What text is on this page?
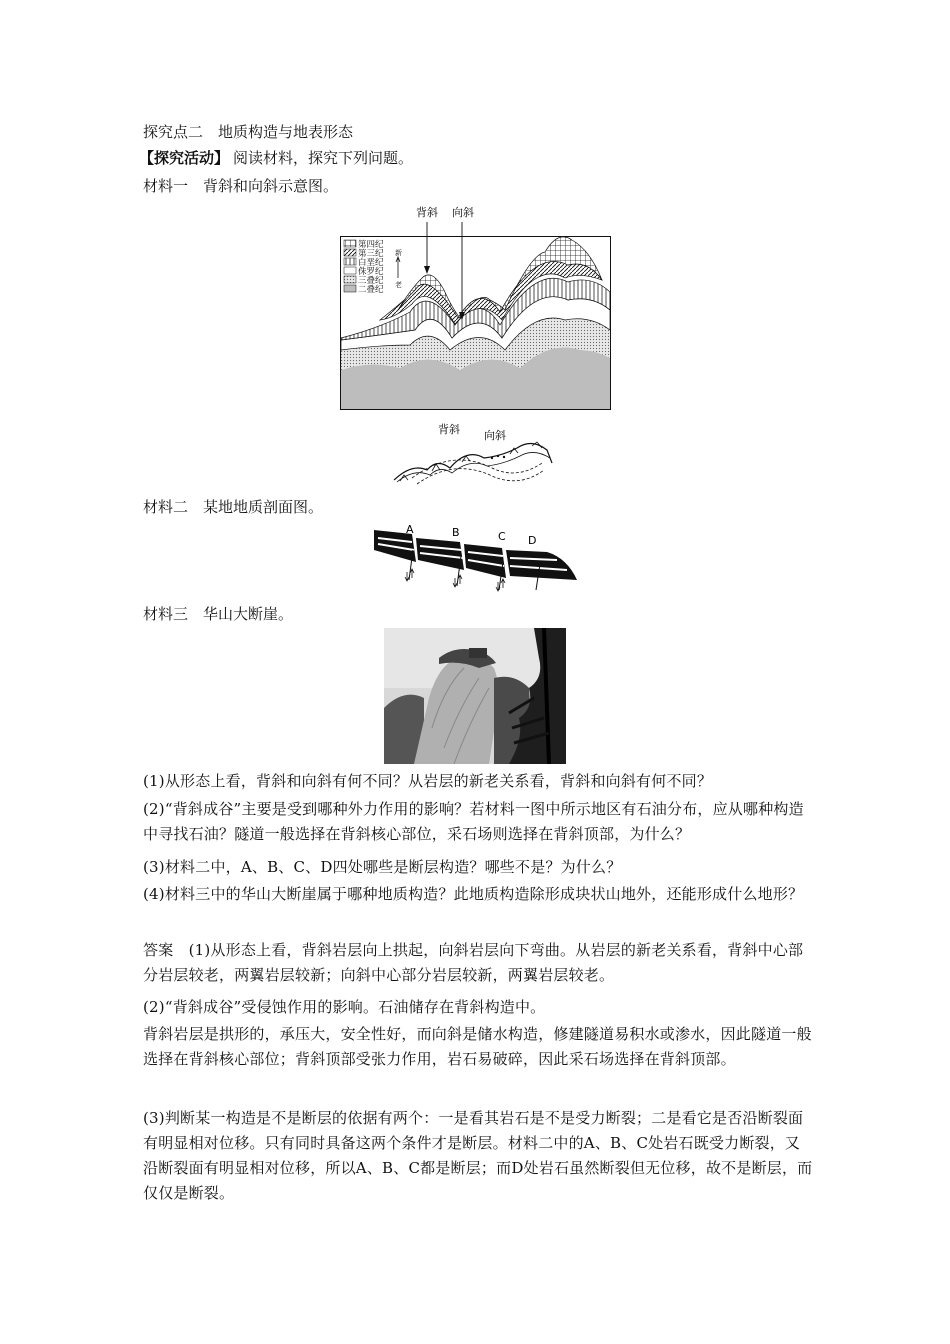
探究点二　地质构造与地表形态
【探究活动】 阅读材料，探究下列问题。
材料一　背斜和向斜示意图。
第四纪
第三纪
白垩纪
侏罗纪
三叠纪
二叠纪
新
老
背斜 向斜
背斜 向斜
材料二　某地地质剖面图。
A	B	C D
材料三　华山大断崖。
(1)从形态上看，背斜和向斜有何不同？从岩层的新老关系看，背斜和向斜有何不同？
(2)“背斜成谷”主要是受到哪种外力作用的影响？若材料一图中所示地区有石油分布，应从哪种构造中寻找石油？隧道一般选择在背斜核心部位，采石场则选择在背斜顶部，为什么？
(3)材料二中，A、B、C、D四处哪些是断层构造？哪些不是？为什么？
(4)材料三中的华山大断崖属于哪种地质构造？此地质构造除形成块状山地外，还能形成什么地形？
答案　(1)从形态上看，背斜岩层向上拱起，向斜岩层向下弯曲。从岩层的新老关系看，背斜中心部分岩层较老，两翼岩层较新；向斜中心部分岩层较新，两翼岩层较老。
(2)“背斜成谷”受侵蚀作用的影响。石油储存在背斜构造中。
背斜岩层是拱形的，承压大，安全性好，而向斜是储水构造，修建隧道易积水或渗水，因此隧道一般选择在背斜核心部位；背斜顶部受张力作用，岩石易破碎，因此采石场选择在背斜顶部。
(3)判断某一构造是不是断层的依据有两个：一是看其岩石是不是受力断裂；二是看它是否沿断裂面有明显相对位移。只有同时具备这两个条件才是断层。材料二中的A、B、C处岩石既受力断裂，又沿断裂面有明显相对位移，所以A、B、C都是断层；而D处岩石虽然断裂但无位移，故不是断层，而仅仅是断裂。
